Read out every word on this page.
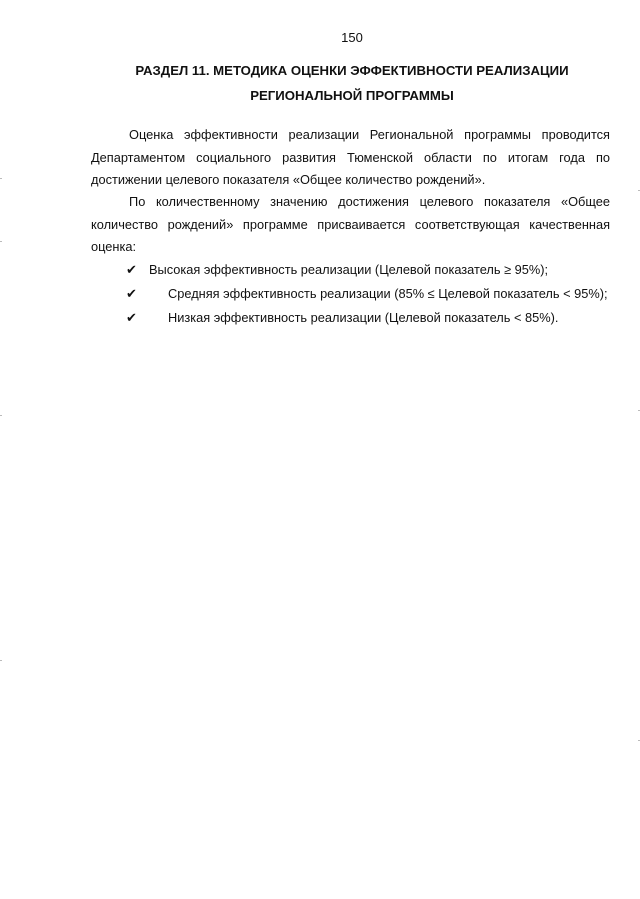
150
РАЗДЕЛ 11. МЕТОДИКА ОЦЕНКИ ЭФФЕКТИВНОСТИ РЕАЛИЗАЦИИ
РЕГИОНАЛЬНОЙ ПРОГРАММЫ

Оценка эффективности реализации Региональной программы проводится Департаментом социального развития Тюменской области по итогам года по достижении целевого показателя «Общее количество рождений».

По количественному значению достижения целевого показателя «Общее количество рождений» программе присваивается соответствующая качественная оценка:

✔ Высокая эффективность реализации (Целевой показатель ≥ 95%);
✔ Средняя эффективность реализации (85% ≤ Целевой показатель < 95%);
✔ Низкая эффективность реализации (Целевой показатель < 85%).
